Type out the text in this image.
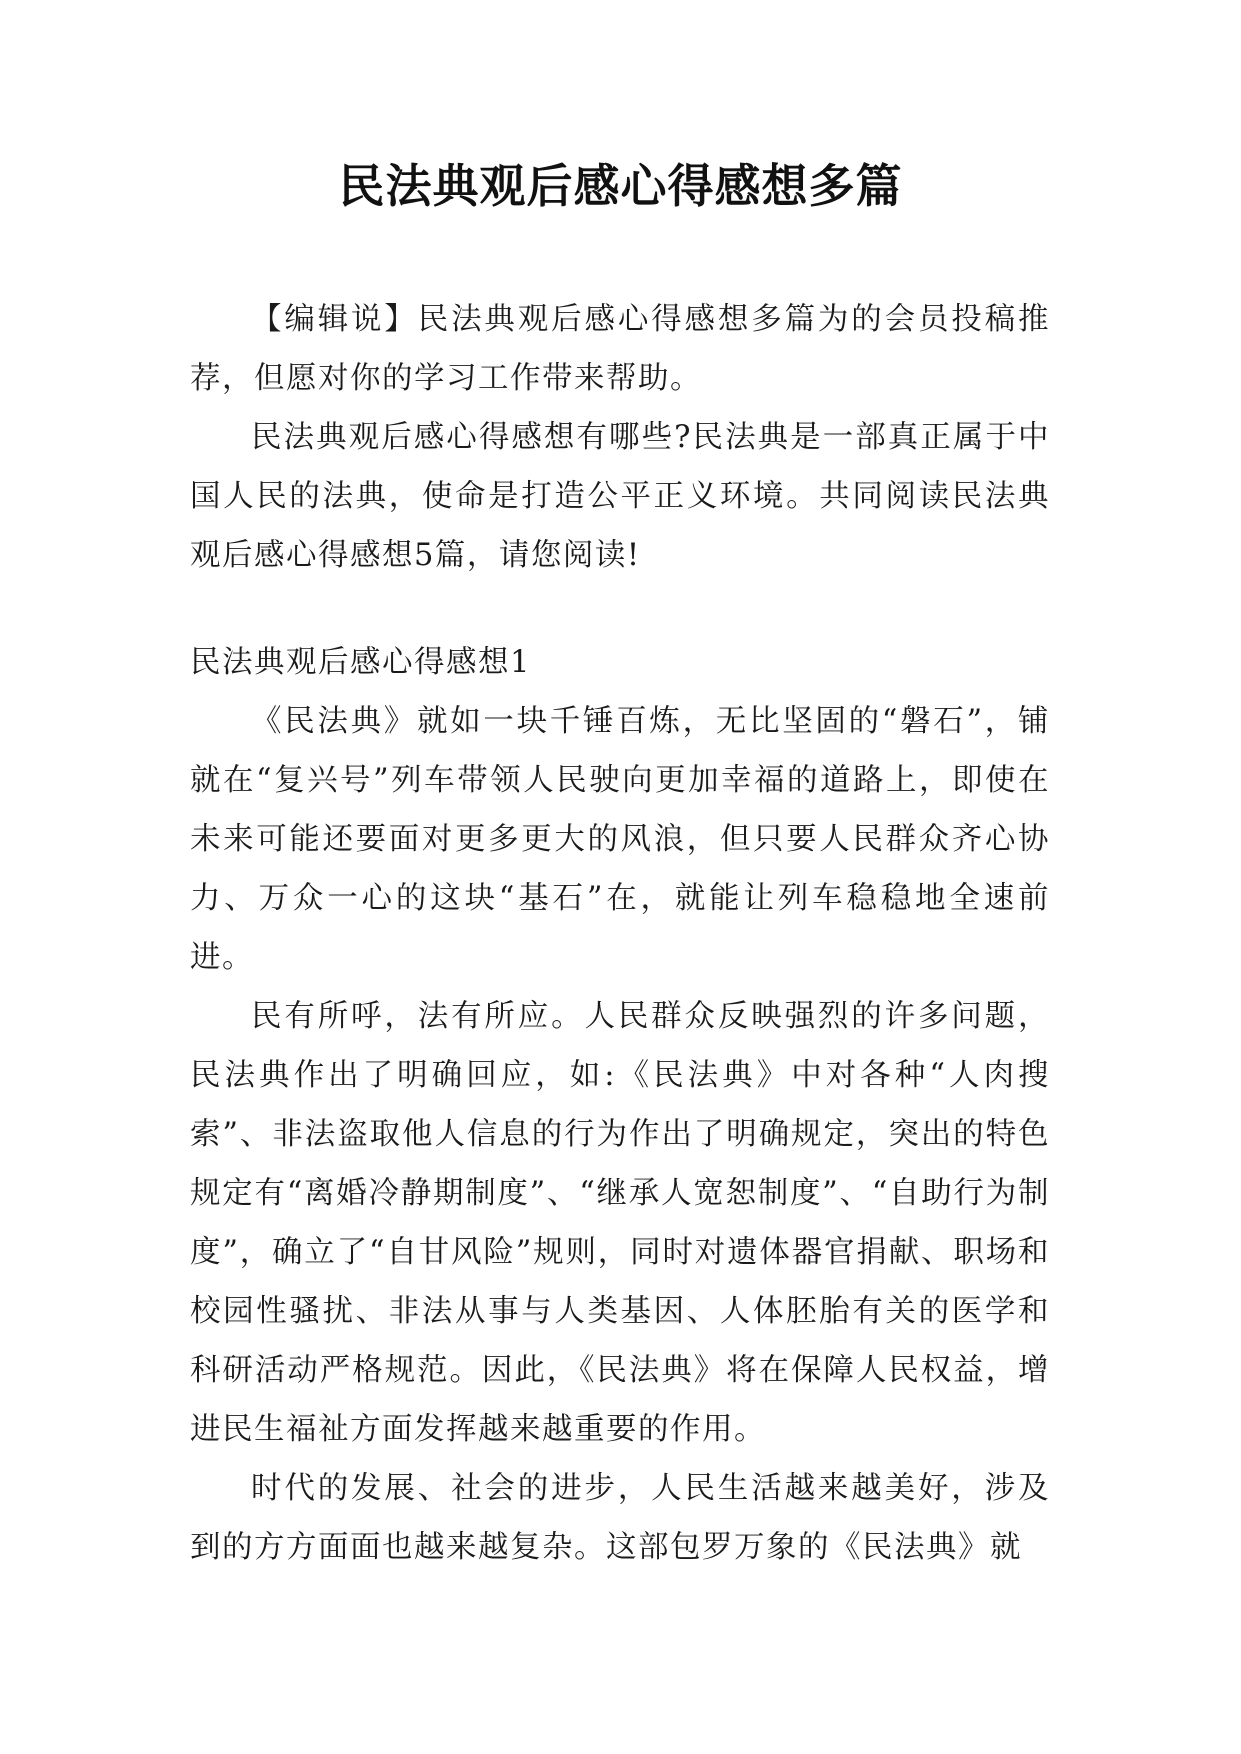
民法典观后感心得感想多篇

【编辑说】民法典观后感心得感想多篇为的会员投稿推荐，但愿对你的学习工作带来帮助。

民法典观后感心得感想有哪些?民法典是一部真正属于中国人民的法典，使命是打造公平正义环境。共同阅读民法典观后感心得感想5篇，请您阅读!

民法典观后感心得感想1

《民法典》就如一块千锤百炼，无比坚固的“磐石”，铺就在“复兴号”列车带领人民驶向更加幸福的道路上，即使在未来可能还要面对更多更大的风浪，但只要人民群众齐心协力、万众一心的这块“基石”在，就能让列车稳稳地全速前进。

民有所呼，法有所应。人民群众反映强烈的许多问题，民法典作出了明确回应，如:《民法典》中对各种“人肉搜索”、非法盗取他人信息的行为作出了明确规定，突出的特色规定有“离婚冷静期制度”、“继承人宽恕制度”、“自助行为制度”，确立了“自甘风险”规则，同时对遗体器官捐献、职场和校园性骚扰、非法从事与人类基因、人体胚胎有关的医学和科研活动严格规范。因此，《民法典》将在保障人民权益，增进民生福祉方面发挥越来越重要的作用。

时代的发展、社会的进步，人民生活越来越美好，涉及到的方方面面也越来越复杂。这部包罗万象的《民法典》就
